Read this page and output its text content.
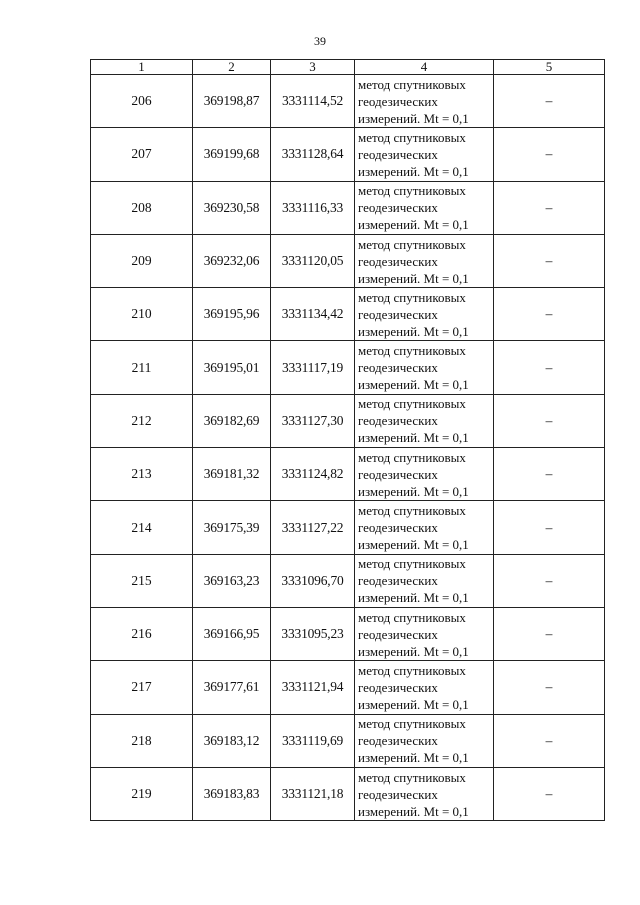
39
1	2	3	4	5
206	369198,87	3331114,52	метод спутниковых
геодезических
измерений. Mt = 0,1	–
207	369199,68	3331128,64	метод спутниковых
геодезических
измерений. Mt = 0,1	–
208	369230,58	3331116,33	метод спутниковых
геодезических
измерений. Mt = 0,1	–
209	369232,06	3331120,05	метод спутниковых
геодезических
измерений. Mt = 0,1	–
210	369195,96	3331134,42	метод спутниковых
геодезических
измерений. Mt = 0,1	–
211	369195,01	3331117,19	метод спутниковых
геодезических
измерений. Mt = 0,1	–
212	369182,69	3331127,30	метод спутниковых
геодезических
измерений. Mt = 0,1	–
213	369181,32	3331124,82	метод спутниковых
геодезических
измерений. Mt = 0,1	–
214	369175,39	3331127,22	метод спутниковых
геодезических
измерений. Mt = 0,1	–
215	369163,23	3331096,70	метод спутниковых
геодезических
измерений. Mt = 0,1	–
216	369166,95	3331095,23	метод спутниковых
геодезических
измерений. Mt = 0,1	–
217	369177,61	3331121,94	метод спутниковых
геодезических
измерений. Mt = 0,1	–
218	369183,12	3331119,69	метод спутниковых
геодезических
измерений. Mt = 0,1	–
219	369183,83	3331121,18	метод спутниковых
геодезических
измерений. Mt = 0,1	–
